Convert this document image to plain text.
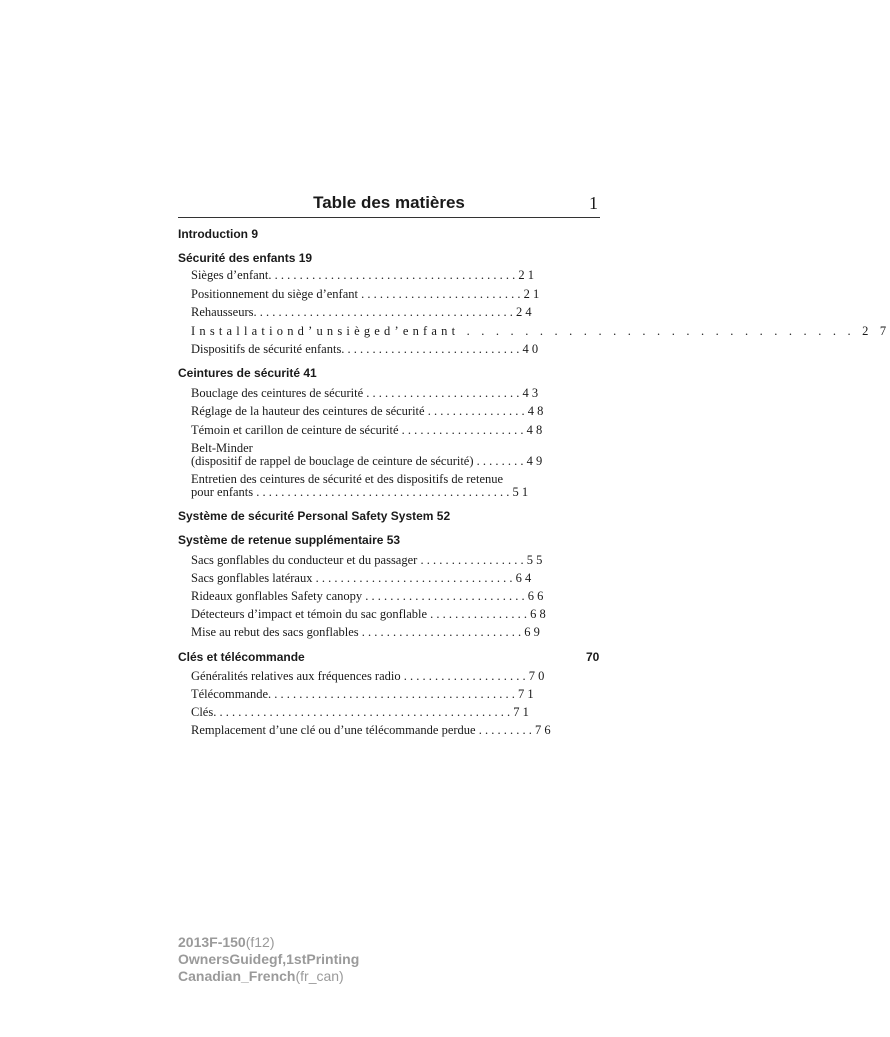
Table des matières	1
Introduction 9
Sécurité des enfants 19
Sièges d’enfant. . . . . . . . . . . . . . . . . . . . . . . . . . . . . . . . . . . . . . . . 2 1
Positionnement du siège d’enfant . . . . . . . . . . . . . . . . . . . . . . . . . . 2 1
Rehausseurs. . . . . . . . . . . . . . . . . . . . . . . . . . . . . . . . . . . . . . . . . . 2 4
Installationd’unsièged’enfant . . . . . . . . . . . . . . . . . . . . . . . . . . . 2 7
Dispositifs de sécurité enfants. . . . . . . . . . . . . . . . . . . . . . . . . . . . . 4 0
Ceintures de sécurité 41
Bouclage des ceintures de sécurité . . . . . . . . . . . . . . . . . . . . . . . . . 4 3
Réglage de la hauteur des ceintures de sécurité . . . . . . . . . . . . . . . . 4 8
Témoin et carillon de ceinture de sécurité . . . . . . . . . . . . . . . . . . . . 4 8
Belt-Minder
(dispositif de rappel de bouclage de ceinture de sécurité) . . . . . . . . 4 9
Entretien des ceintures de sécurité et des dispositifs de retenue
pour enfants . . . . . . . . . . . . . . . . . . . . . . . . . . . . . . . . . . . . . . . . . 5 1
Système de sécurité Personal Safety System 52
Système de retenue supplémentaire 53
Sacs gonflables du conducteur et du passager . . . . . . . . . . . . . . . . . 5 5
Sacs gonflables latéraux . . . . . . . . . . . . . . . . . . . . . . . . . . . . . . . . 6 4
Rideaux gonflables Safety canopy . . . . . . . . . . . . . . . . . . . . . . . . . . 6 6
Détecteurs d’impact et témoin du sac gonflable . . . . . . . . . . . . . . . . 6 8
Mise au rebut des sacs gonflables . . . . . . . . . . . . . . . . . . . . . . . . . . 6 9
Clés et télécommande	70
Généralités relatives aux fréquences radio . . . . . . . . . . . . . . . . . . . . 7 0
Télécommande. . . . . . . . . . . . . . . . . . . . . . . . . . . . . . . . . . . . . . . . 7 1
Clés. . . . . . . . . . . . . . . . . . . . . . . . . . . . . . . . . . . . . . . . . . . . . . . . 7 1
Remplacement d’une clé ou d’une télécommande perdue . . . . . . . . . 7 6
2013F-150(f12)
OwnersGuidegf,1stPrinting
Canadian_French(fr_can)
